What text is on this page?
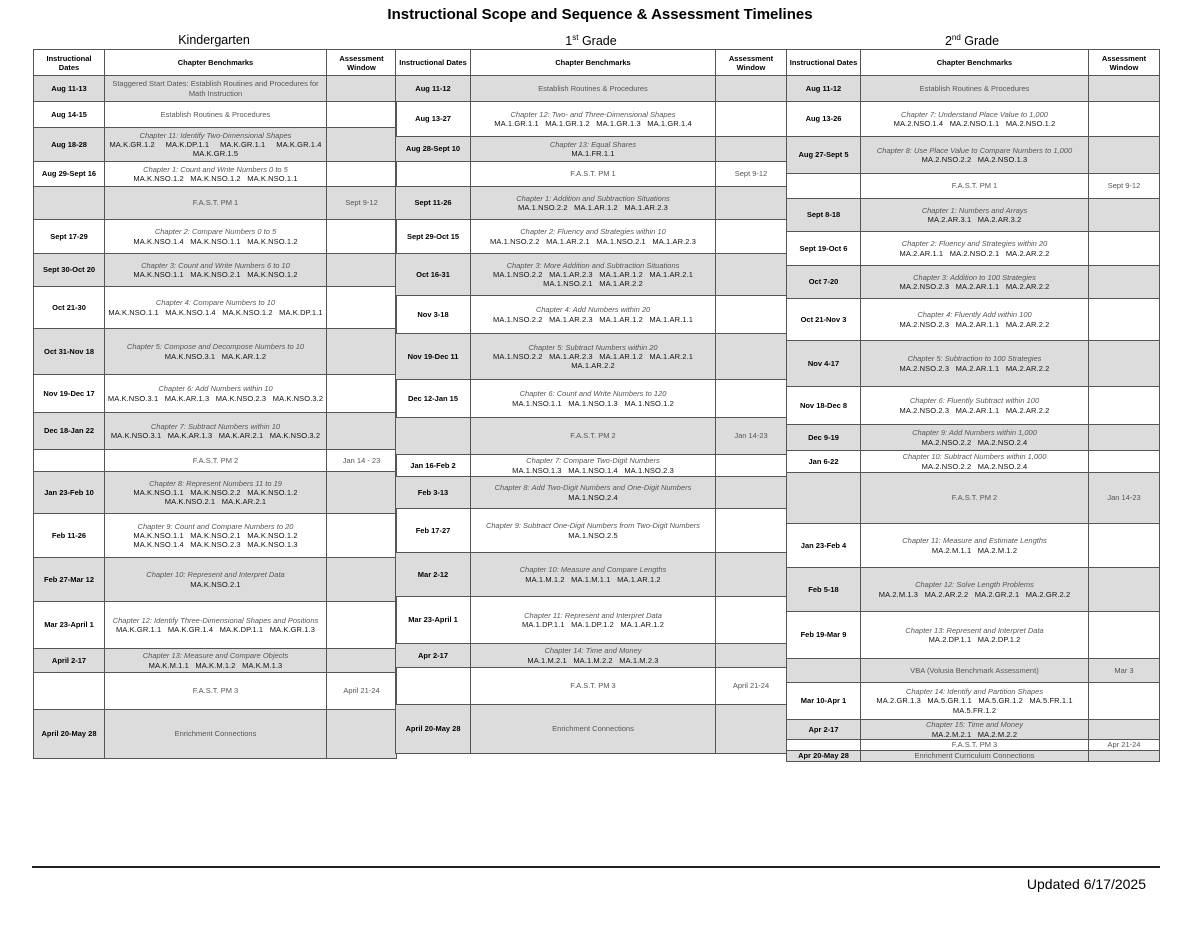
Instructional Scope and Sequence & Assessment Timelines
Kindergarten	1st Grade	2nd Grade
Instructional Dates	Chapter Benchmarks	Assessment Window
Aug 11-13	Staggered Start Dates: Establish Routines and Procedures for Math Instruction	
Aug 14-15	Establish Routines & Procedures	
Aug 18-28	Chapter 11: Identify Two-Dimensional Shapes
MA.K.GR.1.2     MA.K.DP.1.1     MA.K.GR.1.1     MA.K.GR.1.4     MA.K.GR.1.5	
Aug 29-Sept 16	Chapter 1: Count and Write Numbers 0 to 5
MA.K.NSO.1.2   MA.K.NSO.1.2   MA.K.NSO.1.1	
	F.A.S.T. PM 1	Sept 9-12
Sept 17-29	Chapter 2: Compare Numbers 0 to 5
MA.K.NSO.1.4   MA.K.NSO.1.1   MA.K.NSO.1.2	
Sept 30-Oct 20	Chapter 3: Count and Write Numbers 6 to 10
MA.K.NSO.1.1   MA.K.NSO.2.1   MA.K.NSO.1.2	
Oct 21-30	Chapter 4: Compare Numbers to 10
MA.K.NSO.1.1   MA.K.NSO.1.4   MA.K.NSO.1.2   MA.K.DP.1.1	
Oct 31-Nov 18	Chapter 5: Compose and Decompose Numbers to 10
MA.K.NSO.3.1   MA.K.AR.1.2	
Nov 19-Dec 17	Chapter 6: Add Numbers within 10
MA.K.NSO.3.1   MA.K.AR.1.3   MA.K.NSO.2.3   MA.K.NSO.3.2	
Dec 18-Jan 22	Chapter 7: Subtract Numbers within 10
MA.K.NSO.3.1   MA.K.AR.1.3   MA.K.AR.2.1   MA.K.NSO.3.2	
	F.A.S.T. PM 2	Jan 14 - 23
Jan 23-Feb 10	Chapter 8: Represent Numbers 11 to 19
MA.K.NSO.1.1   MA.K.NSO.2.2   MA.K.NSO.1.2   MA.K.NSO.2.1   MA.K.AR.2.1	
Feb 11-26	Chapter 9: Count and Compare Numbers to 20
MA.K.NSO.1.1   MA.K.NSO.2.1   MA.K.NSO.1.2   MA.K.NSO.1.4   MA.K.NSO.2.3   MA.K.NSO.1.3	
Feb 27-Mar 12	Chapter 10: Represent and Interpret Data
MA.K.NSO.2.1	
Mar 23-April 1	Chapter 12: Identify Three-Dimensional Shapes and Positions
MA.K.GR.1.1   MA.K.GR.1.4   MA.K.DP.1.1   MA.K.GR.1.3	
April 2-17	Chapter 13: Measure and Compare Objects
MA.K.M.1.1   MA.K.M.1.2   MA.K.M.1.3	
	F.A.S.T. PM 3	April 21-24
April 20-May 28	Enrichment Connections	
Instructional Dates	Chapter Benchmarks	Assessment Window
Aug 11-12	Establish Routines & Procedures	
Aug 13-27	Chapter 12: Two- and Three-Dimensional Shapes
MA.1.GR.1.1   MA.1.GR.1.2   MA.1.GR.1.3   MA.1.GR.1.4	
Aug 28-Sept 10	Chapter 13: Equal Shares
MA.1.FR.1.1	
	F.A.S.T. PM 1	Sept 9-12
Sept 11-26	Chapter 1: Addition and Subtraction Situations
MA.1.NSO.2.2   MA.1.AR.1.2   MA.1.AR.2.3	
Sept 29-Oct 15	Chapter 2: Fluency and Strategies within 10
MA.1.NSO.2.2   MA.1.AR.2.1   MA.1.NSO.2.1   MA.1.AR.2.3	
Oct 16-31	Chapter 3: More Addition and Subtraction Situations
MA.1.NSO.2.2   MA.1.AR.2.3   MA.1.AR.1.2   MA.1.AR.2.1   MA.1.NSO.2.1   MA.1.AR.2.2	
Nov 3-18	Chapter 4: Add Numbers within 20
MA.1.NSO.2.2   MA.1.AR.2.3   MA.1.AR.1.2   MA.1.AR.1.1	
Nov 19-Dec 11	Chapter 5: Subtract Numbers within 20
MA.1.NSO.2.2   MA.1.AR.2.3   MA.1.AR.1.2   MA.1.AR.2.1   MA.1.AR.2.2	
Dec 12-Jan 15	Chapter 6: Count and Write Numbers to 120
MA.1.NSO.1.1   MA.1.NSO.1.3   MA.1.NSO.1.2	
	F.A.S.T. PM 2	Jan 14-23
Jan 16-Feb 2	Chapter 7: Compare Two-Digit Numbers
MA.1.NSO.1.3   MA.1.NSO.1.4   MA.1.NSO.2.3	
Feb 3-13	Chapter 8: Add Two-Digit Numbers and One-Digit Numbers
MA.1.NSO.2.4	
Feb 17-27	Chapter 9: Subtract One-Digit Numbers from Two-Digit Numbers
MA.1.NSO.2.5	
Mar 2-12	Chapter 10: Measure and Compare Lengths
MA.1.M.1.2   MA.1.M.1.1   MA.1.AR.1.2	
Mar 23-April 1	Chapter 11: Represent and Interpret Data
MA.1.DP.1.1   MA.1.DP.1.2   MA.1.AR.1.2	
Apr 2-17	Chapter 14: Time and Money
MA.1.M.2.1   MA.1.M.2.2   MA.1.M.2.3	
	F.A.S.T. PM 3	April 21-24
April 20-May 28	Enrichment Connections	
Instructional Dates	Chapter Benchmarks	Assessment Window
Aug 11-12	Establish Routines & Procedures	
Aug 13-26	Chapter 7: Understand Place Value to 1,000
MA.2.NSO.1.4   MA.2.NSO.1.1   MA.2.NSO.1.2	
Aug 27-Sept 5	Chapter 8: Use Place Value to Compare Numbers to 1,000
MA.2.NSO.2.2   MA.2.NSO.1.3	
	F.A.S.T. PM 1	Sept 9-12
Sept 8-18	Chapter 1: Numbers and Arrays
MA.2.AR.3.1   MA.2.AR.3.2	
Sept 19-Oct 6	Chapter 2: Fluency and Strategies within 20
MA.2.AR.1.1   MA.2.NSO.2.1   MA.2.AR.2.2	
Oct 7-20	Chapter 3: Addition to 100 Strategies
MA.2.NSO.2.3   MA.2.AR.1.1   MA.2.AR.2.2	
Oct 21-Nov 3	Chapter 4: Fluently Add within 100
MA.2.NSO.2.3   MA.2.AR.1.1   MA.2.AR.2.2	
Nov 4-17	Chapter 5: Subtraction to 100 Strategies
MA.2.NSO.2.3   MA.2.AR.1.1   MA.2.AR.2.2	
Nov 18-Dec 8	Chapter 6: Fluently Subtract within 100
MA.2.NSO.2.3   MA.2.AR.1.1   MA.2.AR.2.2	
Dec 9-19	Chapter 9: Add Numbers within 1,000
MA.2.NSO.2.2   MA.2.NSO.2.4	
Jan 6-22	Chapter 10: Subtract Numbers within 1,000
MA.2.NSO.2.2   MA.2.NSO.2.4	
	F.A.S.T. PM 2	Jan 14-23
Jan 23-Feb 4	Chapter 11: Measure and Estimate Lengths
MA.2.M.1.1   MA.2.M.1.2	
Feb 5-18	Chapter 12: Solve Length Problems
MA.2.M.1.3   MA.2.AR.2.2   MA.2.GR.2.1   MA.2.GR.2.2	
Feb 19-Mar 9	Chapter 13: Represent and Interpret Data
MA.2.DP.1.1   MA.2.DP.1.2	
	VBA (Volusia Benchmark Assessment)	Mar 3
Mar 10-Apr 1	Chapter 14: Identify and Partition Shapes
MA.2.GR.1.3   MA.5.GR.1.1   MA.5.GR.1.2   MA.5.FR.1.1   MA.5.FR.1.2	
Apr 2-17	Chapter 15: Time and Money
MA.2.M.2.1   MA.2.M.2.2	
	F.A.S.T. PM 3	Apr 21-24
Apr 20-May 28	Enrichment Curriculum Connections	
Updated 6/17/2025
